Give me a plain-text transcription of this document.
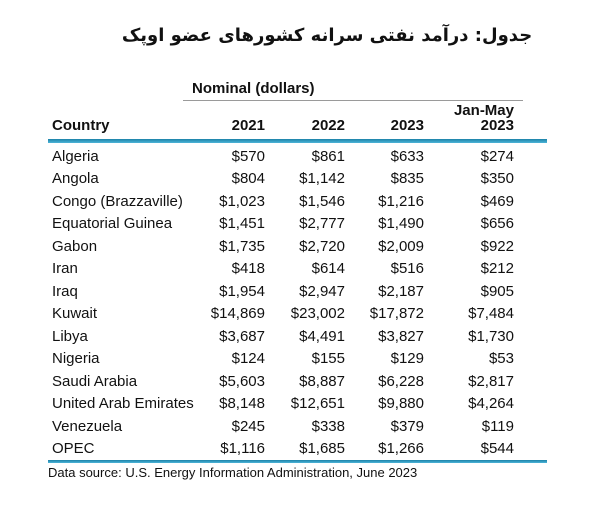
جدول: درآمد نفتی سرانه کشورهای عضو اوپک
Nominal (dollars)
Jan-May
Country	2021	2022	2023	2023
Algeria	$570	$861	$633	$274
Angola	$804	$1,142	$835	$350
Congo (Brazzaville)	$1,023	$1,546	$1,216	$469
Equatorial Guinea	$1,451	$2,777	$1,490	$656
Gabon	$1,735	$2,720	$2,009	$922
Iran	$418	$614	$516	$212
Iraq	$1,954	$2,947	$2,187	$905
Kuwait	$14,869	$23,002	$17,872	$7,484
Libya	$3,687	$4,491	$3,827	$1,730
Nigeria	$124	$155	$129	$53
Saudi Arabia	$5,603	$8,887	$6,228	$2,817
United Arab Emirates	$8,148	$12,651	$9,880	$4,264
Venezuela	$245	$338	$379	$119
OPEC	$1,116	$1,685	$1,266	$544
Data source: U.S. Energy Information Administration, June 2023
